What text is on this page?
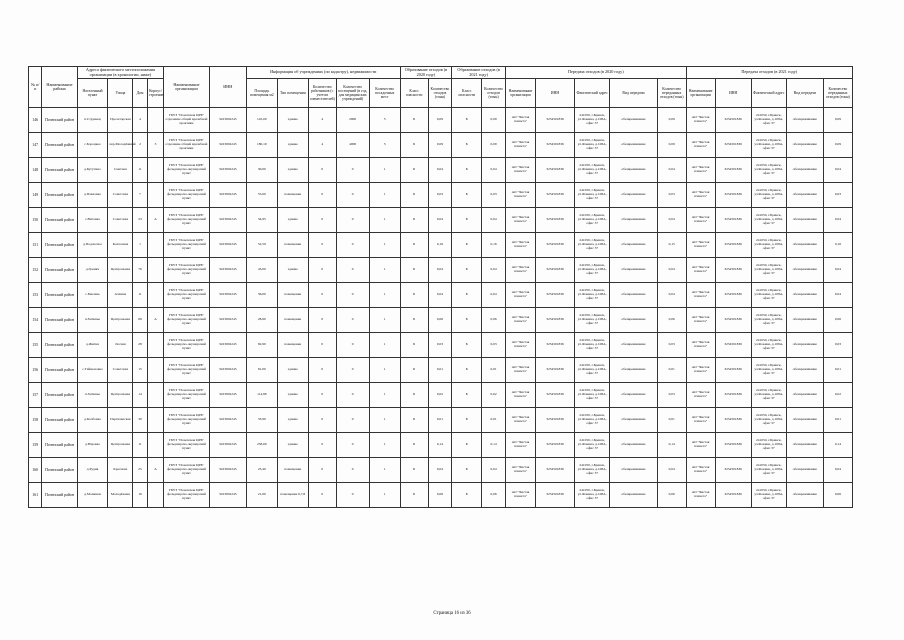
№ п/п	Наименование района	Адреса фактического местоположения организации (в хронологии, ниже)				Наименование организации	ИНН	Информация об учреждениях (по кадастру), недвижимости					Образование отходов (в 2020 году)		Образование отходов (в 2021 году)		Передача отходов (в 2020 году)					Передача отходов (в 2021 году)				
		Населенный пункт	Улица	Дом	Корпус/ строение			Площадь помещения м2	Тип помещения	Количество работников (с учетом совместителей)	Количество посещений (в год, для медицинских учреждений)	Количество посадочных мест	Класс опасности	Количество отходов (тонн)	Класс опасности	Количество отходов (тонн)	Наименование организации	ИНН	Фактический адрес	Вид передачи	Количество переданных отходов (тонн)	Наименование организации	ИНН	Фактический адрес	Вид передачи	Количество переданных отходов (тонн)
146	Почепский район	п.Студенец	Пролетарская	4		ГБУЗ "Почепская ЦРБ" отделение общей врачебной практики	3223002245	145,00	здание	4	2900	3	Б	0,09	Б	0,09	АО "Чистая планета"	3254501836	241050, г.Брянск, ул.Фокина, д.108А, офис 37	обезвреживание	0,09	АО "Чистая планета"	3254501836	241050, г.Брянск, ул.Фокина, д.108А, офис 37	обезвреживание	0,09
147	Почепский район	с.Бороцкое	пер.Молодёжный	2	3	ГБУЗ "Почепская ЦРБ" отделение общей врачебной практики	3223002245	180,10	здание	4	4000	3	Б	0,09	Б	0,09	АО "Чистая планета"	3254501836	241050, г.Брянск, ул.Фокина, д.108А, офис 37	обезвреживание	0,09	АО "Чистая планета"	3254501836	241050, г.Брянск, ул.Фокина, д.108А, офис 37	обезвреживание	0,09
148	Почепский район	д.Кугутино	Сметная	11		ГБУЗ "Почепская ЦРБ" фельдшерско-акушерский пункт	3223002245	30,00	здание	0	0	1	Б	0,04	Б	0,04	АО "Чистая планета"	3254501836	241050, г.Брянск, ул.Фокина, д.108А, офис 37	обезвреживание	0,04	АО "Чистая планета"	3254501836	241050, г.Брянск, ул.Фокина, д.108А, офис 37	обезвреживание	0,04
149	Почепский район	д.Павловка	Советская	7		ГБУЗ "Почепская ЦРБ" фельдшерско-акушерский пункт	3223002245	55,00	помещение	0	0	1	Б	0,03	Б	0,03	АО "Чистая планета"	3254501836	241050, г.Брянск, ул.Фокина, д.108А, офис 37	обезвреживание	0,03	АО "Чистая планета"	3254501836	241050, г.Брянск, ул.Фокина, д.108А, офис 37	обезвреживание	0,03
150	Почепский район	с.Витовка	Советская	23	А	ГБУЗ "Почепская ЦРБ" фельдшерско-акушерский пункт	3223002245	34,95	здание	0	0	1	Б	0,04	Б	0,04	АО "Чистая планета"	3254501836	241050, г.Брянск, ул.Фокина, д.108А, офис 37	обезвреживание	0,04	АО "Чистая планета"	3254501836	241050, г.Брянск, ул.Фокина, д.108А, офис 37	обезвреживание	0,04
151	Почепский район	д.Подлесное	Колхозная	1		ГБУЗ "Почепская ЦРБ" фельдшерско-акушерский пункт	3223002245	52,59	помещение	0	0	1	Б	0,16	Б	0,16	АО "Чистая планета"	3254501836	241050, г.Брянск, ул.Фокина, д.108А, офис 37	обезвреживание	0,15	АО "Чистая планета"	3254501836	241050, г.Брянск, ул.Фокина, д.108А, офис 37	обезвреживание	0,16
152	Почепский район	д.Гремяч	Центральная	76		ГБУЗ "Почепская ЦРБ" фельдшерско-акушерский пункт	3223002245	43,00	здание	0	0	1	Б	0,04	Б	0,04	АО "Чистая планета"	3254501836	241050, г.Брянск, ул.Фокина, д.108А, офис 37	обезвреживание	0,04	АО "Чистая планета"	3254501836	241050, г.Брянск, ул.Фокина, д.108А, офис 37	обезвреживание	0,04
153	Почепский район	с.Баклань	Алхима	11		ГБУЗ "Почепская ЦРБ" фельдшерско-акушерский пункт	3223002245	36,00	помещение	0	0	1	Б	0,04	Б	0,04	АО "Чистая планета"	3254501836	241050, г.Брянск, ул.Фокина, д.108А, офис 37	обезвреживание	0,04	АО "Чистая планета"	3254501836	241050, г.Брянск, ул.Фокина, д.108А, офис 37	обезвреживание	0,04
154	Почепский район	п.Затишье	Центральная	68	А	ГБУЗ "Почепская ЦРБ" фельдшерско-акушерский пункт	3223002245	28,60	помещение	0	0	1	Б	0,06	Б	0,06	АО "Чистая планета"	3254501836	241050, г.Брянск, ул.Фокина, д.108А, офис 37	обезвреживание	0,06	АО "Чистая планета"	3254501836	241050, г.Брянск, ул.Фокина, д.108А, офис 37	обезвреживание	0,06
155	Почепский район	д.Житня	Лесная	28		ГБУЗ "Почепская ЦРБ" фельдшерско-акушерский пункт	3223002245	82,90	помещение	0	0	1	Б	0,03	Б	0,03	АО "Чистая планета"	3254501836	241050, г.Брянск, ул.Фокина, д.108А, офис 37	обезвреживание	0,03	АО "Чистая планета"	3254501836	241050, г.Брянск, ул.Фокина, д.108А, офис 37	обезвреживание	0,03
156	Почепский район	с.Гаймоновка	Советская	15		ГБУЗ "Почепская ЦРБ" фельдшерско-акушерский пункт	3223002245	81,00	здание	0	0	1	Б	0,01	Б	0,01	АО "Чистая планета"	3254501836	241050, г.Брянск, ул.Фокина, д.108А, офис 37	обезвреживание	0,01	АО "Чистая планета"	3254501836	241050, г.Брянск, ул.Фокина, д.108А, офис 37	обезвреживание	0,01
157	Почепский район	п.Затишье	Центральная	14		ГБУЗ "Почепская ЦРБ" фельдшерско-акушерский пункт	3223002245	114,98	здание	0	0	1	Б	0,02	Б	0,02	АО "Чистая планета"	3254501836	241050, г.Брянск, ул.Фокина, д.108А, офис 37	обезвреживание	0,03	АО "Чистая планета"	3254501836	241050, г.Брянск, ул.Фокина, д.108А, офис 37	обезвреживание	0,02
158	Почепский район	д.Колбовка	Партизанская	30		ГБУЗ "Почепская ЦРБ" фельдшерско-акушерский пункт	3223002245	33,90	здание	0	0	1	Б	0,01	Б	0,01	АО "Чистая планета"	3254501836	241050, г.Брянск, ул.Фокина, д.108А, офис 37	обезвреживание	0,01	АО "Чистая планета"	3254501836	241050, г.Брянск, ул.Фокина, д.108А, офис 37	обезвреживание	0,01
159	Почепский район	д.Юдовка	Центральная	11		ГБУЗ "Почепская ЦРБ" фельдшерско-акушерский пункт	3223002245	258,60	здание	0	0	1	Б	0,14	Б	0,14	АО "Чистая планета"	3254501836	241050, г.Брянск, ул.Фокина, д.108А, офис 37	обезвреживание	0,14	АО "Чистая планета"	3254501836	241050, г.Брянск, ул.Фокина, д.108А, офис 37	обезвреживание	0,14
160	Почепский район	д.Рудня	Краснова	25	А	ГБУЗ "Почепская ЦРБ" фельдшерско-акушерский пункт	3223002245	23,40	помещение	0	0	1	Б	0,04	Б	0,04	АО "Чистая планета"	3254501836	241050, г.Брянск, ул.Фокина, д.108А, офис 37	обезвреживание	0,04	АО "Чистая планета"	3254501836	241050, г.Брянск, ул.Фокина, д.108А, офис 37	обезвреживание	0,04
161	Почепский район	д.Малинки	Молодёжная	16		ГБУЗ "Почепская ЦРБ" фельдшерско-акушерский пункт	3223002245	21,60	помещение 6,7,8	0	0	1	Б	0,06	Б	0,06	АО "Чистая планета"	3254501836	241050, г.Брянск, ул.Фокина, д.108А, офис 37	обезвреживание	0,06	АО "Чистая планета"	3254501836	241050, г.Брянск, ул.Фокина, д.108А, офис 37	обезвреживание	0,06
Страница 16 из 36
